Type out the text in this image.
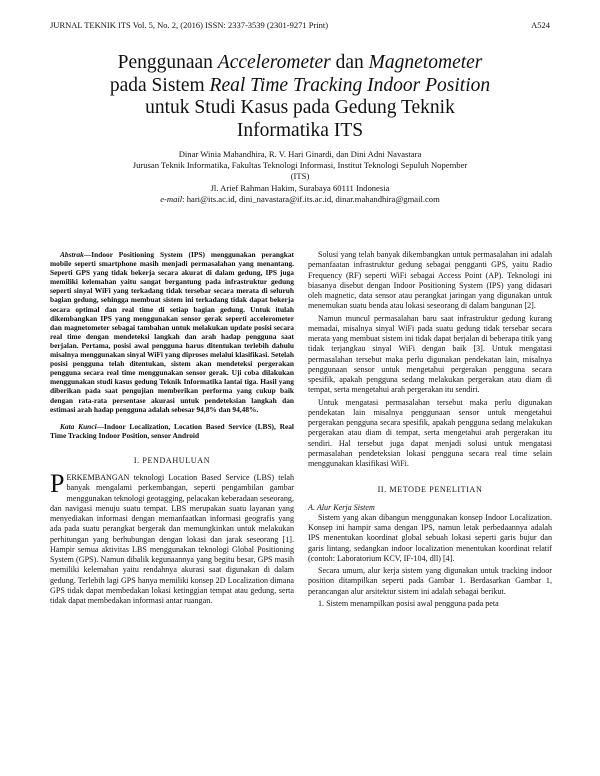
JURNAL TEKNIK ITS Vol. 5, No. 2, (2016) ISSN: 2337-3539 (2301-9271 Print)	A524
Penggunaan Accelerometer dan Magnetometer
pada Sistem Real Time Tracking Indoor Position
untuk Studi Kasus pada Gedung Teknik
Informatika ITS
Dinar Winia Mahandhira, R. V. Hari Ginardi, dan Dini Adni Navastara
Jurusan Teknik Informatika, Fakultas Teknologi Informasi, Institut Teknologi Sepuluh Nopember
(ITS)
Jl. Arief Rahman Hakim, Surabaya 60111 Indonesia
e-mail: hari@its.ac.id, dini_navastara@if.its.ac.id, dinar.mahandhira@gmail.com
Abstrak—Indoor Positioning System (IPS) menggunakan perangkat mobile seperti smartphone masih menjadi permasalahan yang menantang. Seperti GPS yang tidak bekerja secara akurat di dalam gedung, IPS juga memiliki kelemahan yaitu sangat bergantung pada infrastruktur gedung seperti sinyal WiFi yang terkadang tidak tersebar secara merata di seluruh bagian gedung, sehingga membuat sistem ini terkadang tidak dapat bekerja secara optimal dan real time di setiap bagian gedung. Untuk itulah dikembangkan IPS yang menggunakan sensor gerak seperti accelerometer dan magnetometer sebagai tambahan untuk melakukan update posisi secara real time dengan mendeteksi langkah dan arah hadap pengguna saat berjalan. Pertama, posisi awal pengguna harus ditentukan terlebih dahulu misalnya menggunakan sinyal WiFi yang diproses melalui klasifikasi. Setelah posisi pengguna telah ditentukan, sistem akan mendeteksi pergerakan pengguna secara real time menggunakan sensor gerak. Uji coba dilakukan menggunakan studi kasus gedung Teknik Informatika lantai tiga. Hasil yang diberikan pada saat pengujian memberikan performa yang cukup baik dengan rata-rata persentase akurasi untuk pendeteksian langkah dan estimasi arah hadap pengguna adalah sebesar 94,8% dan 94,48%.
Kata Kunci—Indoor Localization, Location Based Service (LBS), Real Time Tracking Indoor Position, sensor Android
I. PENDAHULUAN

PERKEMBANGAN teknologi Location Based Service (LBS) telah banyak mengalami perkembangan, seperti pengambilan gambar menggunakan teknologi geotagging, pelacakan keberadaan seseorang, dan navigasi menuju suatu tempat. LBS merupakan suatu layanan yang menyediakan informasi dengan memanfaatkan informasi geografis yang ada pada suatu perangkat bergerak dan memungkinkan untuk melakukan perhitungan yang berhubungan dengan lokasi dan jarak seseorang [1]. Hampir semua aktivitas LBS menggunakan teknologi Global Positioning System (GPS). Namun dibalik kegunaannya yang begitu besar, GPS masih memiliki kelemahan yaitu rendahnya akurasi saat digunakan di dalam gedung. Terlebih lagi GPS hanya memiliki konsep 2D Localization dimana GPS tidak dapat membedakan lokasi ketinggian tempat atau gedung, serta tidak dapat membedakan informasi antar ruangan.

Solusi yang telah banyak dikembangkan untuk permasalahan ini adalah pemanfaatan infrastruktur gedung sebagai pengganti GPS, yaitu Radio Frequency (RF) seperti WiFi sebagai Access Point (AP). Teknologi ini biasanya disebut dengan Indoor Positioning System (IPS) yang didasari oleh magnetic, data sensor atau perangkat jaringan yang digunakan untuk menemukan suatu benda atau lokasi seseorang di dalam bangunan [2].

Namun muncul permasalahan baru saat infrastruktur gedung kurang memadai, misalnya sinyal WiFi pada suatu gedung tidak tersebar secara merata yang membuat sistem ini tidak dapat berjalan di beberapa titik yang tidak terjangkau sinyal WiFi dengan baik [3]. Untuk mengatasi permasalahan tersebut maka perlu digunakan pendekatan lain, misalnya penggunaan sensor untuk mengetahui pergerakan pengguna secara spesifik, apakah pengguna sedang melakukan pergerakan atau diam di tempat, serta mengetahui arah pergerakan itu sendiri.

Untuk mengatasi permasalahan tersebut maka perlu digunakan pendekatan lain misalnya penggunaan sensor untuk mengetahui pergerakan pengguna secara spesifik, apakah pengguna sedang melakukan pergerakan atau diam di tempat, serta mengetahui arah pergerakan itu sendiri. Hal tersebut juga dapat menjadi solusi untuk mengatasi permasalahan pendeteksian lokasi pengguna secara real time selain menggunakan klasifikasi WiFi.

II. METODE PENELITIAN
A. Alur Kerja Sistem

Sistem yang akan dibangun menggunakan konsep Indoor Localization. Konsep ini hampir sama dengan IPS, namun letak perbedaannya adalah IPS menentukan koordinat global sebuah lokasi seperti garis bujur dan garis lintang, sedangkan indoor localization menentukan koordinat relatif (contoh: Laboratorium KCV, IF-104, dll) [4].

Secara umum, alur kerja sistem yang digunakan untuk tracking indoor position ditampilkan seperti pada Gambar 1. Berdasarkan Gambar 1, perancangan alur arsitektur sistem ini adalah sebagai berikut.

1. Sistem menampilkan posisi awal pengguna pada peta
